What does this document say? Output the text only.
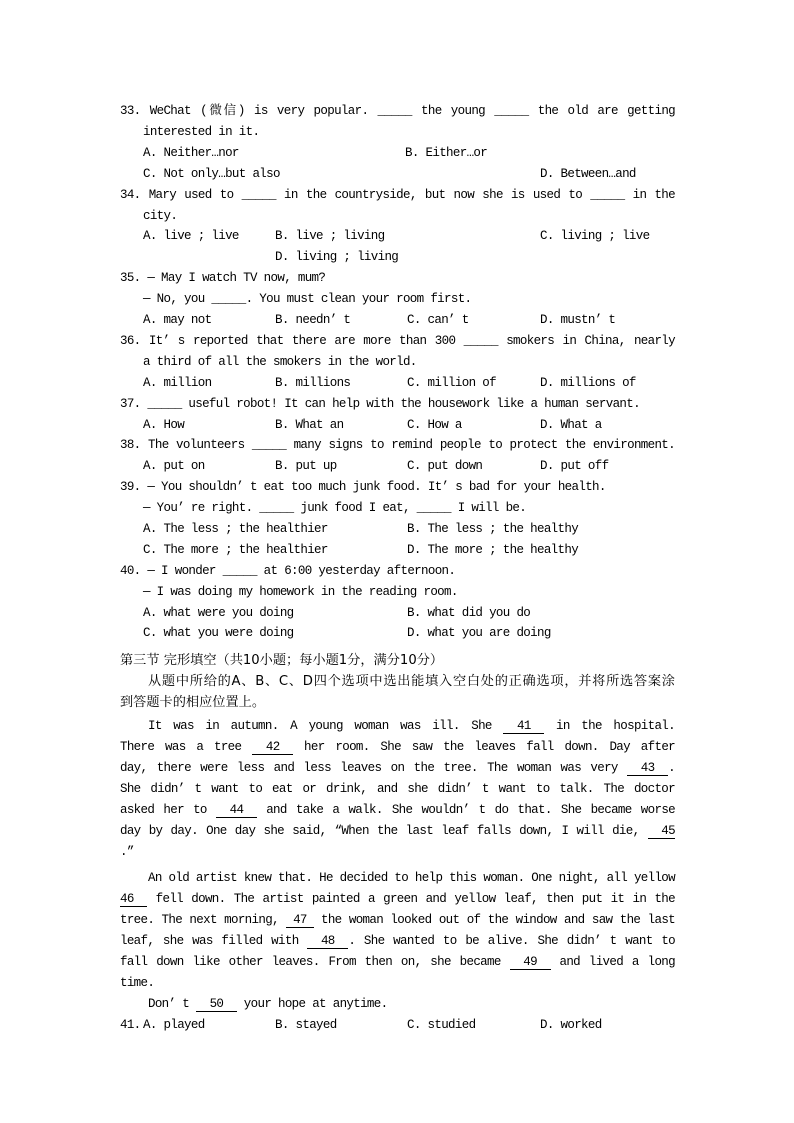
33. WeChat (微信) is very popular. _____ the young _____ the old are getting
interested in it.
A. Neither…nor	B. Either…or
C. Not only…but also	D. Between…and
34. Mary used to _____ in the countryside, but now she is used to _____ in the
city.
A. live ; live	B. live ; living	C. living ; live
D. living ; living
35. — May I watch TV now, mum?
— No, you _____. You must clean your room first.
A. may not	B. needn’ t	C. can’ t	D. mustn’ t
36. It’ s reported that there are more than 300 _____ smokers in China, nearly
a third of all the smokers in the world.
A. million	B. millions	C. million of	D. millions of
37. _____ useful robot! It can help with the housework like a human servant.
A. How	B. What an	C. How a	D. What a
38. The volunteers _____ many signs to remind people to protect the environment.
A. put on	B. put up	C. put down	D. put off
39. — You shouldn’ t eat too much junk food. It’ s bad for your health.
— You’ re right. _____ junk food I eat, _____ I will be.
A. The less ; the healthier	B. The less ; the healthy
C. The more ; the healthier	D. The more ; the healthy
40. — I wonder _____ at 6:00 yesterday afternoon.
— I was doing my homework in the reading room.
A. what were you doing	B. what did you do
C. what you were doing	D. what you are doing
第三节 完形填空（共10小题；每小题1分，满分10分）
从题中所给的A、B、C、D四个选项中选出能填入空白处的正确选项，并将所选答案涂
到答题卡的相应位置上。
It was in autumn. A young woman was ill. She   41   in the hospital.
There was a tree   42   her room. She saw the leaves fall down. Day after
day, there were less and less leaves on the tree. The woman was very   43  .
She didn’ t want to eat or drink, and she didn’ t want to talk. The doctor
asked her to   44   and take a walk. She wouldn’ t do that. She became worse
day by day. One day she said, “When the last leaf falls down, I will die,   45
.”
An old artist knew that. He decided to help this woman. One night, all yellow
46   fell down. The artist painted a green and yellow leaf, then put it in the
tree. The next morning,  47  the woman looked out of the window and saw the last
leaf, she was filled with   48  . She wanted to be alive. She didn’ t want to
fall down like other leaves. From then on, she became   49   and lived a long
time.
Don’ t   50   your hope at anytime.
41. A. played	B. stayed	C. studied	D. worked
